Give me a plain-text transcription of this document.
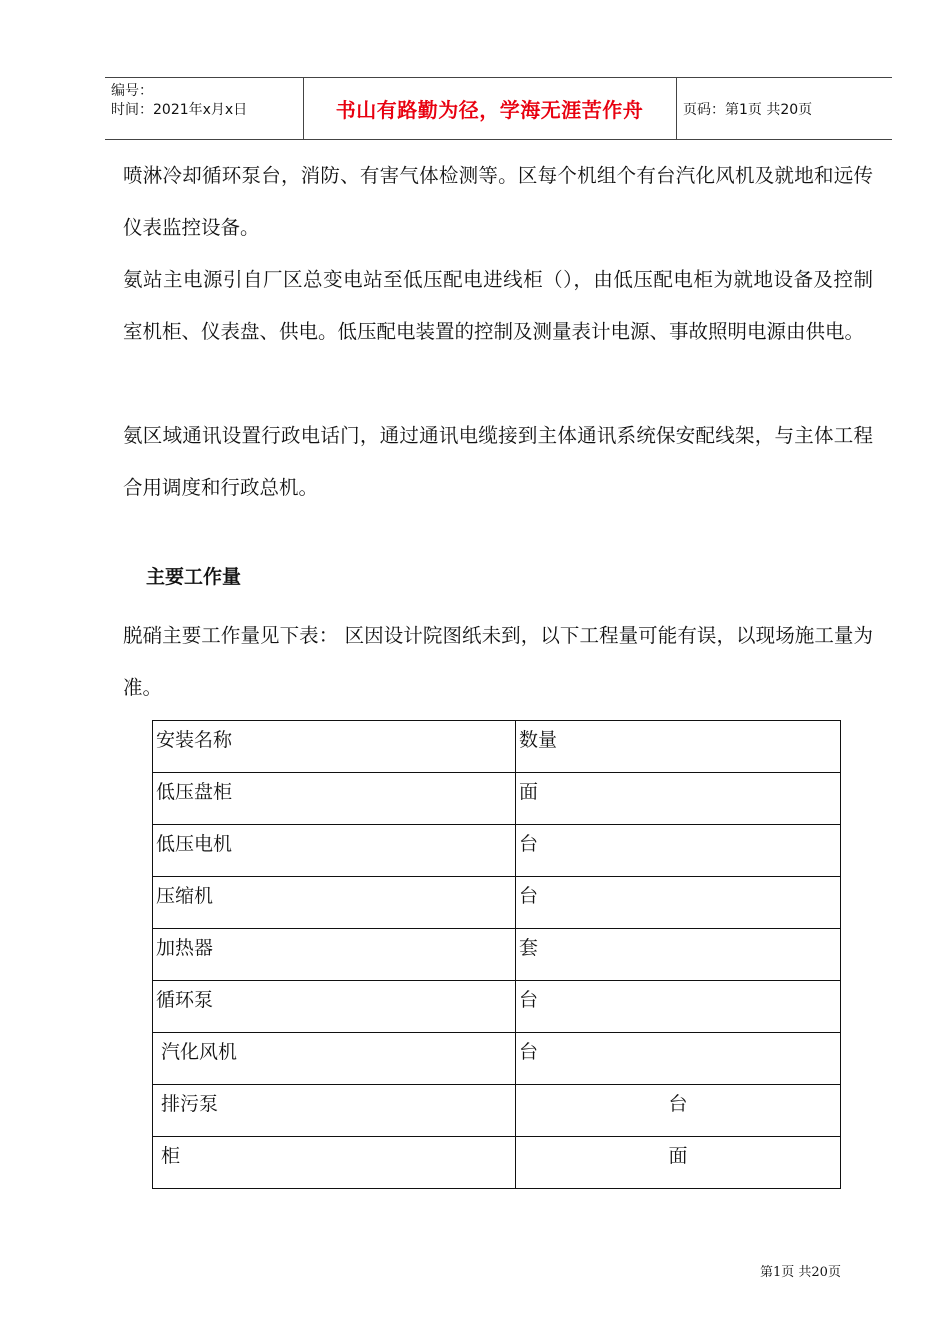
编号：
时间：2021年x月x日	书山有路勤为径，学海无涯苦作舟	页码：第1页 共20页

喷淋冷却循环泵台，消防、有害气体检测等。区每个机组个有台汽化风机及就地和远传仪表监控设备。

氨站主电源引自厂区总变电站至低压配电进线柜（），由低压配电柜为就地设备及控制室机柜、仪表盘、供电。低压配电装置的控制及测量表计电源、事故照明电源由供电。

氨区域通讯设置行政电话门，通过通讯电缆接到主体通讯系统保安配线架，与主体工程合用调度和行政总机。

主要工作量

脱硝主要工作量见下表： 区因设计院图纸未到，以下工程量可能有误，以现场施工量为准。

安装名称	数量

低压盘柜	面

低压电机	台

压缩机	台

加热器	套

循环泵	台

汽化风机	台

排污泵	台

柜	面
第1页 共20页
